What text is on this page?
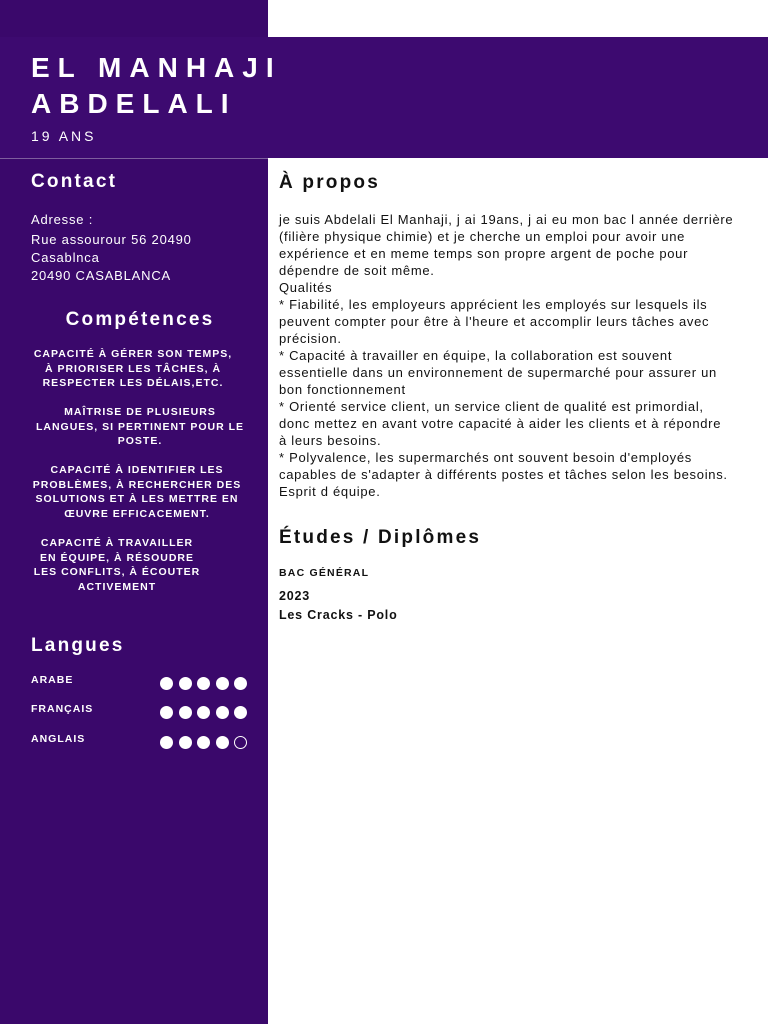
EL MANHAJI
ABDELALI
19 ANS
Contact
Adresse :
Rue assourour 56 20490
Casablnca
20490 CASABLANCA
Compétences
CAPACITÉ À GÉRER SON TEMPS,
À PRIORISER LES TÂCHES, À
RESPECTER LES DÉLAIS,ETC.
MAÎTRISE DE PLUSIEURS
LANGUES, SI PERTINENT POUR LE
POSTE.
CAPACITÉ À IDENTIFIER LES
PROBLÈMES, À RECHERCHER DES
SOLUTIONS ET À LES METTRE EN
ŒUVRE EFFICACEMENT.
CAPACITÉ À TRAVAILLER
EN ÉQUIPE, À RÉSOUDRE
LES CONFLITS, À ÉCOUTER
ACTIVEMENT
Langues
ARABE
FRANÇAIS
ANGLAIS
À propos
je suis Abdelali El Manhaji, j ai 19ans, j ai eu mon bac l année derrière
(filière physique chimie) et je cherche un emploi pour avoir une
expérience et en meme temps son propre argent de poche pour
dépendre de soit même.
Qualités
* Fiabilité, les employeurs apprécient les employés sur lesquels ils
peuvent compter pour être à l'heure et accomplir leurs tâches avec
précision.
* Capacité à travailler en équipe, la collaboration est souvent
essentielle dans un environnement de supermarché pour assurer un
bon fonctionnement
* Orienté service client, un service client de qualité est primordial,
donc mettez en avant votre capacité à aider les clients et à répondre
à leurs besoins.
* Polyvalence, les supermarchés ont souvent besoin d'employés
capables de s'adapter à différents postes et tâches selon les besoins.
Esprit d équipe.
Études / Diplômes
BAC GÉNÉRAL
2023
Les Cracks - Polo
